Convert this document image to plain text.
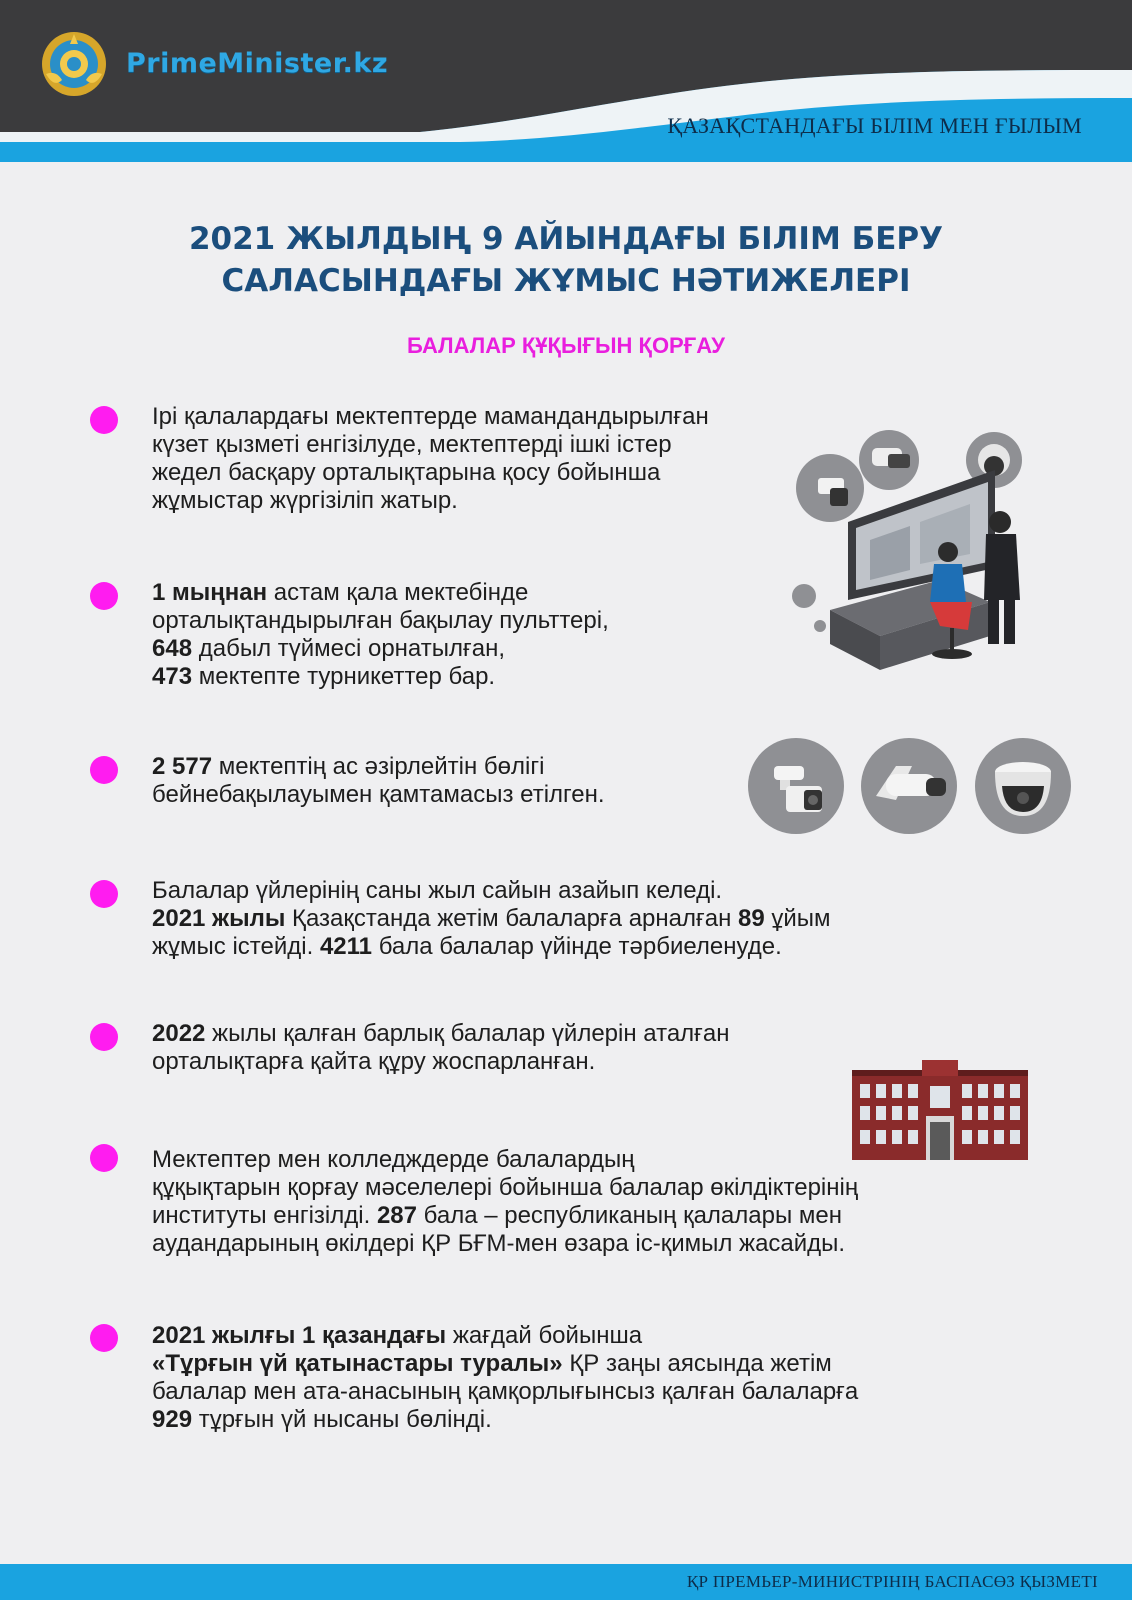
PrimeMinister.kz
ҚАЗАҚСТАНДАҒЫ БІЛІМ МЕН ҒЫЛЫМ
2021 ЖЫЛДЫҢ 9 АЙЫНДАҒЫ БІЛІМ БЕРУ
САЛАСЫНДАҒЫ ЖҰМЫС НӘТИЖЕЛЕРІ
БАЛАЛАР ҚҰҚЫҒЫН ҚОРҒАУ
Ірі қалалардағы мектептерде мамандандырылған
күзет қызметі енгізілуде, мектептерді ішкі істер
жедел басқару орталықтарына қосу бойынша
жұмыстар жүргізіліп жатыр.
1 мыңнан астам қала мектебінде
орталықтандырылған бақылау пульттері,
648 дабыл түймесі орнатылған,
473 мектепте турникеттер бар.
2 577 мектептің ас әзірлейтін бөлігі
бейнебақылауымен қамтамасыз етілген.
Балалар үйлерінің саны жыл сайын азайып келеді.
2021 жылы Қазақстанда жетім балаларға арналған 89 ұйым
жұмыс істейді. 4211 бала балалар үйінде тәрбиеленуде.
2022 жылы қалған барлық балалар үйлерін аталған
орталықтарға қайта құру жоспарланған.
Мектептер мен колледждерде балалардың
құқықтарын қорғау мәселелері бойынша балалар өкілдіктерінің
институты енгізілді. 287 бала – республиканың қалалары мен
аудандарының өкілдері ҚР БҒМ-мен өзара іс-қимыл жасайды.
2021 жылғы 1 қазандағы жағдай бойынша
«Тұрғын үй қатынастары туралы» ҚР заңы аясында жетім
балалар мен ата-анасының қамқорлығынсыз қалған балаларға
929 тұрғын үй нысаны бөлінді.
ҚР ПРЕМЬЕР-МИНИСТРІНІҢ БАСПАСӨЗ ҚЫЗМЕТІ
